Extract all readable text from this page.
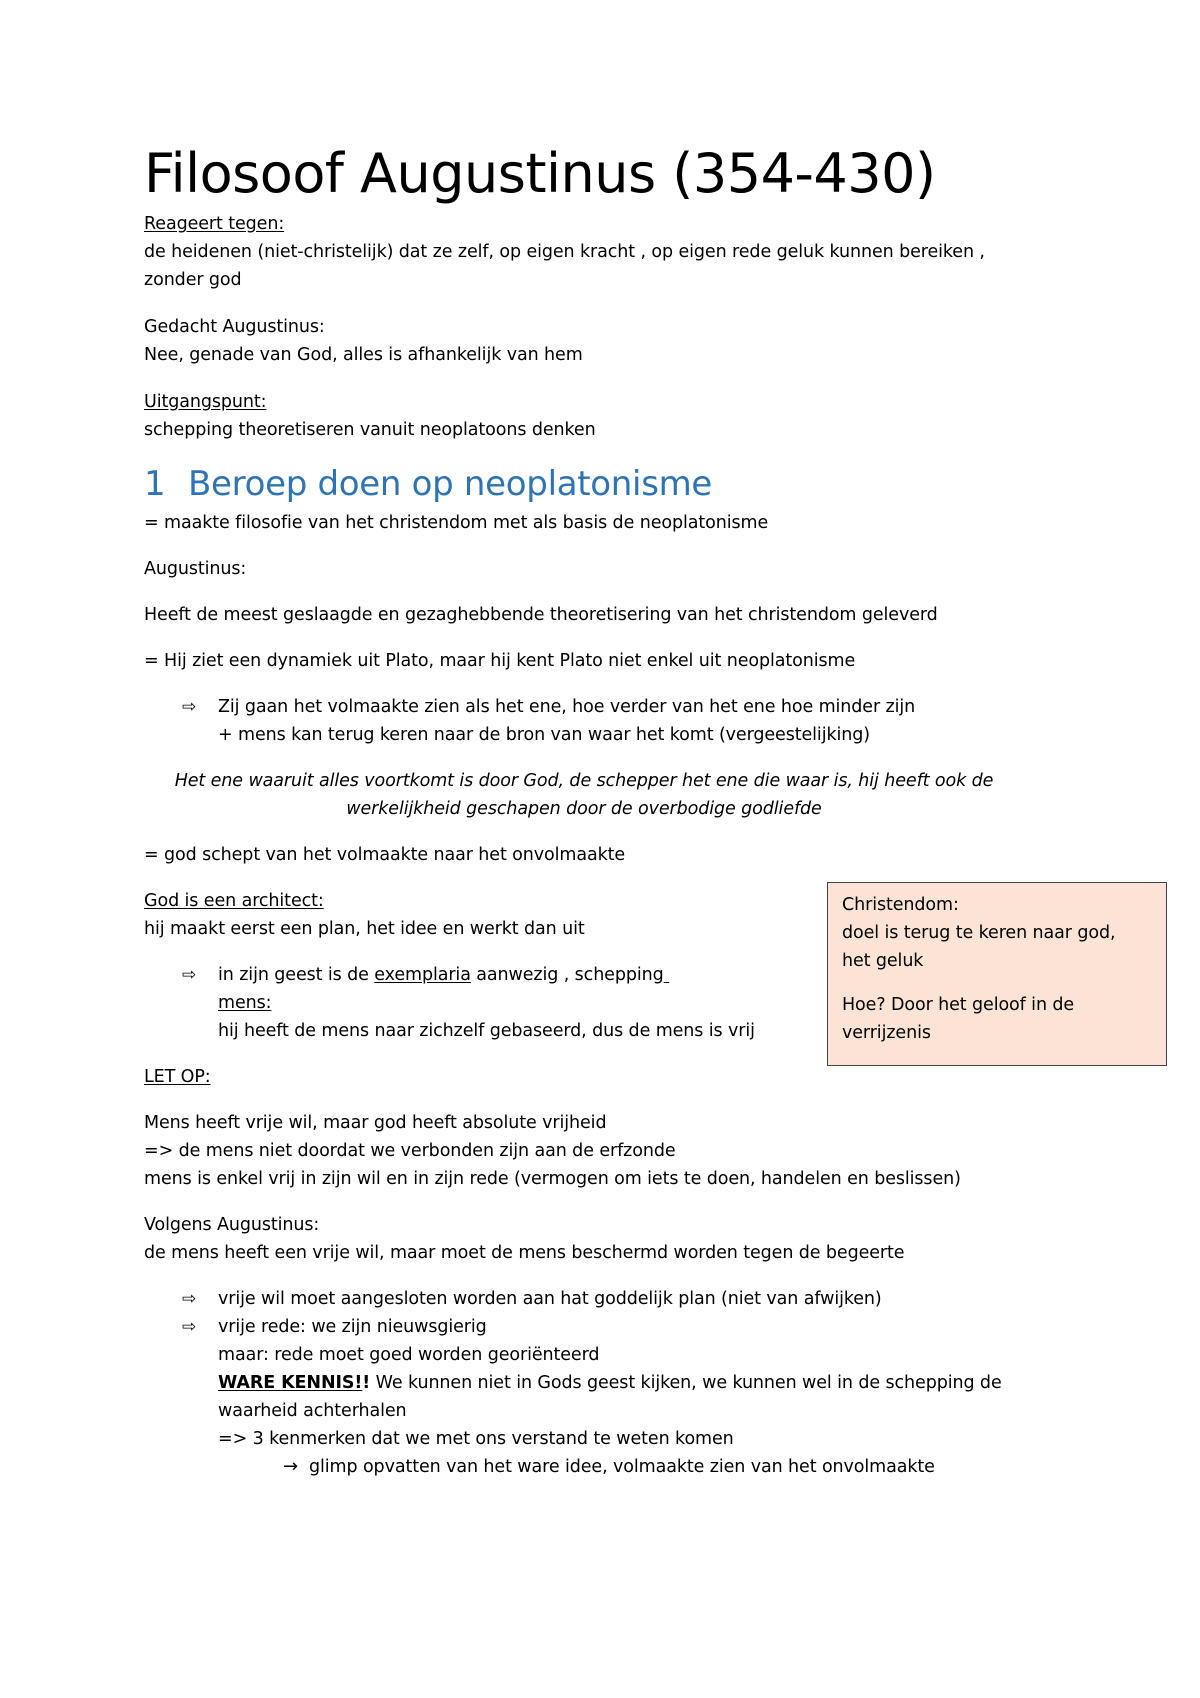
Filosoof Augustinus (354-430)
Reageert tegen:
de heidenen (niet-christelijk) dat ze zelf, op eigen kracht , op eigen rede geluk kunnen bereiken ,
zonder god
Gedacht Augustinus:
Nee, genade van God, alles is afhankelijk van hem
Uitgangspunt:
schepping theoretiseren vanuit neoplatoons denken
1 Beroep doen op neoplatonisme
= maakte filosofie van het christendom met als basis de neoplatonisme
Augustinus:
Heeft de meest geslaagde en gezaghebbende theoretisering van het christendom geleverd
= Hij ziet een dynamiek uit Plato, maar hij kent Plato niet enkel uit neoplatonisme
⇨ Zij gaan het volmaakte zien als het ene, hoe verder van het ene hoe minder zijn
+ mens kan terug keren naar de bron van waar het komt (vergeestelijking)
Het ene waaruit alles voortkomt is door God, de schepper het ene die waar is, hij heeft ook de
werkelijkheid geschapen door de overbodige godliefde
= god schept van het volmaakte naar het onvolmaakte
God is een architect:
hij maakt eerst een plan, het idee en werkt dan uit
⇨ in zijn geest is de exemplaria aanwezig , schepping
mens:
hij heeft de mens naar zichzelf gebaseerd, dus de mens is vrij
LET OP:
Mens heeft vrije wil, maar god heeft absolute vrijheid
=> de mens niet doordat we verbonden zijn aan de erfzonde
mens is enkel vrij in zijn wil en in zijn rede (vermogen om iets te doen, handelen en beslissen)
Volgens Augustinus:
de mens heeft een vrije wil, maar moet de mens beschermd worden tegen de begeerte
⇨ vrije wil moet aangesloten worden aan hat goddelijk plan (niet van afwijken)
⇨ vrije rede: we zijn nieuwsgierig
maar: rede moet goed worden georiënteerd
WARE KENNIS!! We kunnen niet in Gods geest kijken, we kunnen wel in de schepping de
waarheid achterhalen
=> 3 kenmerken dat we met ons verstand te weten komen
→ glimp opvatten van het ware idee, volmaakte zien van het onvolmaakte
Christendom:
doel is terug te keren naar god,
het geluk
Hoe? Door het geloof in de
verrijzenis
